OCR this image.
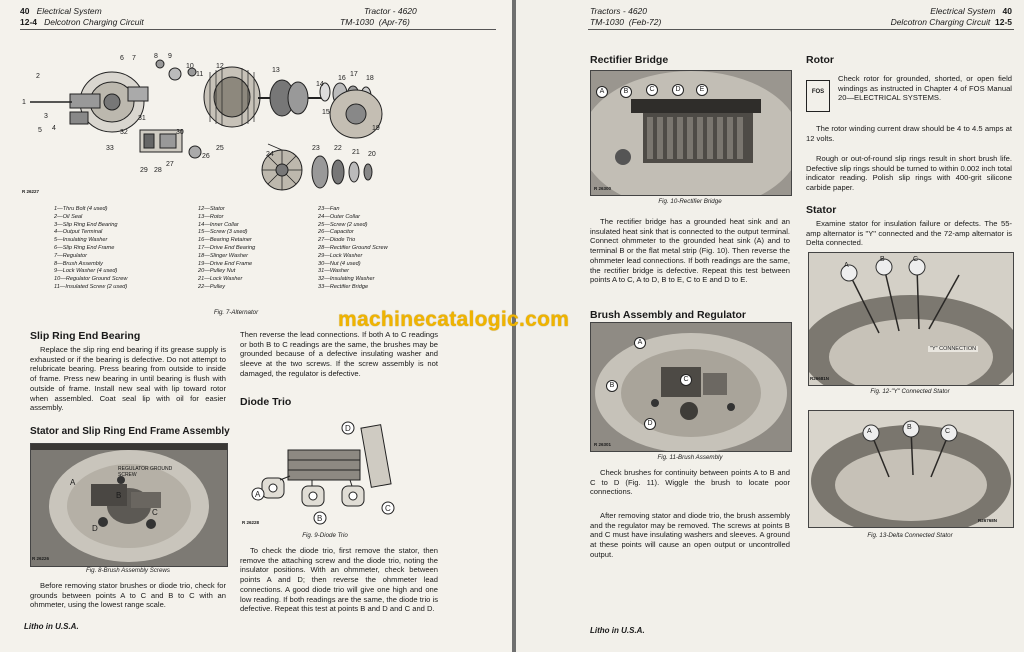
40 Electrical System
12-4 Delcotron Charging Circuit
Tractor - 4620
TM-1030 (Apr-76)
1
2
3
4
5
6 7	8 9
10
11
12
13
14
15
16
17
18
19
20
21
22
23
24
25
26
27
28
29
30
31
32
33
R 26227
1—Thru Bolt (4 used)
2—Oil Seal
3—Slip Ring End Bearing
4—Output Terminal
5—Insulating Washer
6—Slip Ring End Frame
7—Regulator
8—Brush Assembly
9—Lock Washer (4 used)
10—Regulator Ground Screw
11—Insulated Screw (2 used)
12—Stator
13—Rotor
14—Inner Collar
15—Screw (3 used)
16—Bearing Retainer
17—Drive End Bearing
18—Slinger Washer
19—Drive End Frame
20—Pulley Nut
21—Lock Washer
22—Pulley
23—Fan
24—Outer Collar
25—Screw (2 used)
26—Capacitor
27—Diode Trio
28—Rectifier Ground Screw
29—Lock Washer
30—Nut (4 used)
31—Washer
32—Insulating Washer
33—Rectifier Bridge
Fig. 7-Alternator
Slip Ring End Bearing
Replace the slip ring end bearing if its grease supply is exhausted or if the bearing is defective. Do not attempt to relubricate bearing. Press bearing from outside to inside of frame. Press new bearing in until bearing is flush with outside of frame. Install new seal with lip toward rotor when assembled. Coat seal lip with oil for easier assembly.
Stator and Slip Ring End Frame Assembly
REGULATOR GROUND SCREW
A
B
C
D
R 26226
Fig. 8-Brush Assembly Screws
Before removing stator brushes or diode trio, check for grounds between points A to C and B to C with an ohmmeter, using the lowest range scale.
Then reverse the lead connections. If both A to C readings or both B to C readings are the same, the brushes may be grounded because of a defective insulating washer and sleeve at the two screws. If the screw assembly is not damaged, the regulator is defective.
Diode Trio
D
A
B
C
R 26228
Fig. 9-Diode Trio
To check the diode trio, first remove the stator, then remove the attaching screw and the diode trio, noting the insulator positions. With an ohmmeter, check between points A and D; then reverse the ohmmeter lead connections. A good diode trio will give one high and one low reading. If both readings are the same, the diode trio is defective. Repeat this test at points B and D and C and D.
Litho in U.S.A.
Tractors - 4620
TM-1030 (Feb-72)
Electrical System 40
Delcotron Charging Circuit 12-5
Rectifier Bridge
A	B	C	D	E
R 26300
Fig. 10-Rectifier Bridge
The rectifier bridge has a grounded heat sink and an insulated heat sink that is connected to the output terminal. Connect ohmmeter to the grounded heat sink (A) and to terminal B or the flat metal strip (Fig. 10). Then reverse the ohmmeter lead connections. If both readings are the same, the rectifier bridge is defective. Repeat this test between points A to C, A to D, B to E, C to E and D to E.
Brush Assembly and Regulator
A
B
C
D
R 26301
Fig. 11-Brush Assembly
Check brushes for continuity between points A to B and C to D (Fig. 11). Wiggle the brush to locate poor connections.
After removing stator and diode trio, the brush assembly and the regulator may be removed. The screws at points B and C must have insulating washers and sleeves. A ground at these points will cause an open output or uncontrolled output.
Rotor
FOS
Check rotor for grounded, shorted, or open field windings as instructed in Chapter 4 of FOS Manual 20—ELECTRICAL SYSTEMS.
The rotor winding current draw should be 4 to 4.5 amps at 12 volts.
Rough or out-of-round slip rings result in short brush life. Defective slip rings should be turned to within 0.002 inch total indicator reading. Polish slip rings with 400-grit silicone carbide paper.
Stator
Examine stator for insulation failure or defects. The 55-amp alternator is "Y" connected and the 72-amp alternator is Delta connected.
A
B	C
"Y" CONNECTION
R26681N
Fig. 12-"Y" Connected Stator
A
B
C
R26768N
Fig. 13-Delta Connected Stator
Litho in U.S.A.
machinecatalogic.com
